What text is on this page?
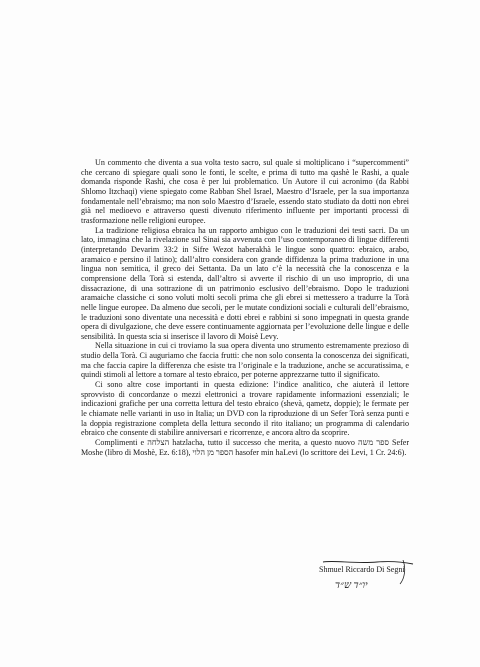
Un commento che diventa a sua volta testo sacro, sul quale si moltiplicano i “supercommenti” che cercano di spiegare quali sono le fonti, le scelte, e prima di tutto ma qashè le Rashi, a quale domanda risponde Rashi, che cosa è per lui problematico. Un Autore il cui acronimo (da Rabbi Shlomo Itzchaqi) viene spiegato come Rabban Shel Israel, Maestro d’Israele, per la sua importanza fondamentale nell’ebraismo; ma non solo Maestro d’Israele, essendo stato studiato da dotti non ebrei già nel medioevo e attraverso questi divenuto riferimento influente per importanti processi di trasformazione nelle religioni europee.

La tradizione religiosa ebraica ha un rapporto ambiguo con le traduzioni dei testi sacri. Da un lato, immagina che la rivelazione sul Sinai sia avvenuta con l’uso contemporaneo di lingue differenti (interpretando Devarim 33:2 in Sifre Wezot haberakhà le lingue sono quattro: ebraico, arabo, aramaico e persino il latino); dall’altro considera con grande diffidenza la prima traduzione in una lingua non semitica, il greco dei Settanta. Da un lato c’è la necessità che la conoscenza e la comprensione della Torà si estenda, dall’altro si avverte il rischio di un uso improprio, di una dissacrazione, di una sottrazione di un patrimonio esclusivo dell’ebraismo. Dopo le traduzioni aramaiche classiche ci sono voluti molti secoli prima che gli ebrei si mettessero a tradurre la Torà nelle lingue europee. Da almeno due secoli, per le mutate condizioni sociali e culturali dell’ebraismo, le traduzioni sono diventate una necessità e dotti ebrei e rabbini si sono impegnati in questa grande opera di divulgazione, che deve essere continuamente aggiornata per l’evoluzione delle lingue e delle sensibilità. In questa scia si inserisce il lavoro di Moisè Levy.

Nella situazione in cui ci troviamo la sua opera diventa uno strumento estremamente prezioso di studio della Torà. Ci auguriamo che faccia frutti: che non solo consenta la conoscenza dei significati, ma che faccia capire la differenza che esiste tra l’originale e la traduzione, anche se accuratissima, e quindi stimoli al lettore a tornare al testo ebraico, per poterne apprezzarne tutto il significato.

Ci sono altre cose importanti in questa edizione: l’indice analitico, che aiuterà il lettore sprovvisto di concordanze o mezzi elettronici a trovare rapidamente informazioni essenziali; le indicazioni grafiche per una corretta lettura del testo ebraico (shevà, qametz, doppie); le fermate per le chiamate nelle varianti in uso in Italia; un DVD con la riproduzione di un Sefer Torà senza punti e la doppia registrazione completa della lettura secondo il rito italiano; un programma di calendario ebraico che consente di stabilire anniversari e ricorrenze, e ancora altro da scoprire.

Complimenti e הצלחה hatzlacha, tutto il successo che merita, a questo nuovo ספר משה Sefer Moshe (libro di Moshè, Ez. 6:18), הספר מן הלוי hasofer min haLevi (lo scrittore dei Levi, 1 Cr. 24:6).

Shmuel Riccardo Di Segni
יו״ד ש״ד
